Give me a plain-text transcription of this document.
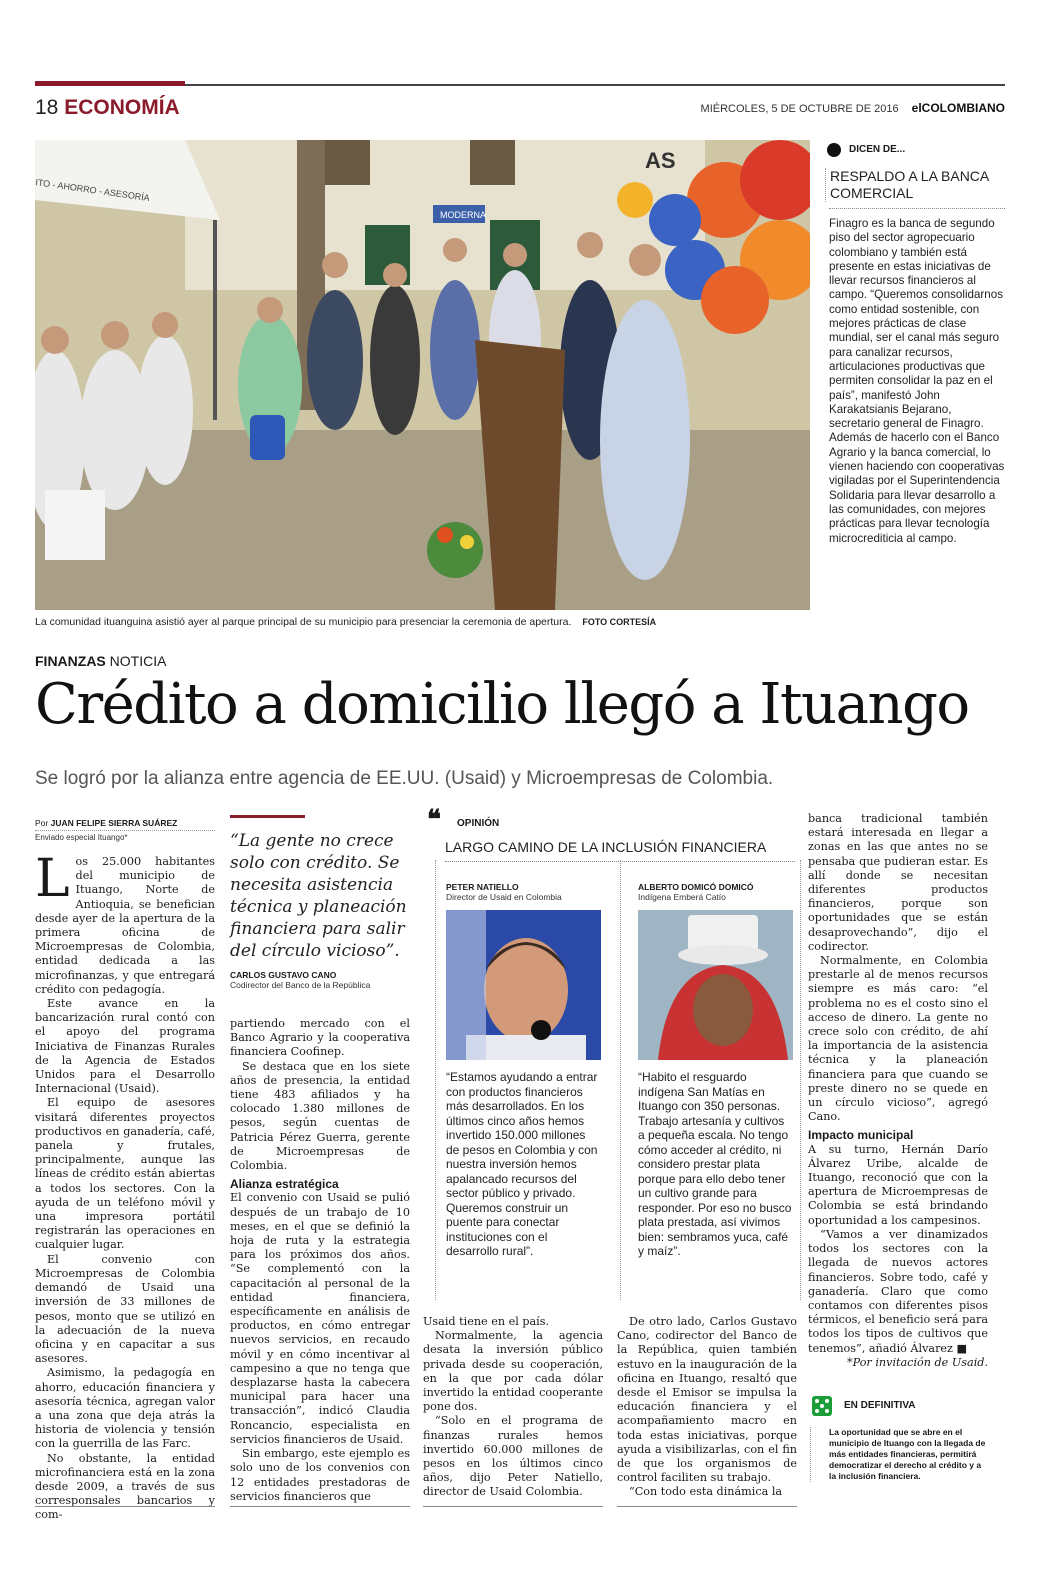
18 ECONOMÍA	MIÉRCOLES, 5 DE OCTUBRE DE 2016 elCOLOMBIANO
MODERNA
AS
ITO - AHORRO - ASESORÍA
La comunidad ituanguina asistió ayer al parque principal de su municipio para presenciar la ceremonia de apertura. FOTO CORTESÍA
DICEN DE...
RESPALDO A LA BANCA COMERCIAL
Finagro es la banca de segundo piso del sector agropecuario colombiano y también está presente en estas iniciativas de llevar recursos financieros al campo. “Queremos consolidarnos como entidad sostenible, con mejores prácticas de clase mundial, ser el canal más seguro para canalizar recursos, articulaciones productivas que permiten consolidar la paz en el país”, manifestó John Karakatsianis Bejarano, secretario general de Finagro. Además de hacerlo con el Banco Agrario y la banca comercial, lo vienen haciendo con cooperativas vigiladas por el Superintendencia Solidaria para llevar desarrollo a las comunidades, con mejores prácticas para llevar tecnología microcrediticia al campo.
FINANZAS NOTICIA
Crédito a domicilio llegó a Ituango
Se logró por la alianza entre agencia de EE.UU. (Usaid) y Microempresas de Colombia.
Por JUAN FELIPE SIERRA SUÁREZ
Enviado especial Ituango*

Los 25.000 habitantes del municipio de Ituango, Norte de Antioquia, se benefician desde ayer de la apertura de la primera oficina de Microempresas de Colombia, entidad dedicada a las microfinanzas, y que entregará crédito con pedagogía.

Este avance en la bancarización rural contó con el apoyo del programa Iniciativa de Finanzas Rurales de la Agencia de Estados Unidos para el Desarrollo Internacional (Usaid).

El equipo de asesores visitará diferentes proyectos productivos en ganadería, café, panela y frutales, principalmente, aunque las líneas de crédito están abiertas a todos los sectores. Con la ayuda de un teléfono móvil y una impresora portátil registrarán las operaciones en cualquier lugar.

El convenio con Microempresas de Colombia demandó de Usaid una inversión de 33 millones de pesos, monto que se utilizó en la adecuación de la nueva oficina y en capacitar a sus asesores.

Asimismo, la pedagogía en ahorro, educación financiera y asesoría técnica, agregan valor a una zona que deja atrás la historia de violencia y tensión con la guerrilla de las Farc.

No obstante, la entidad microfinanciera está en la zona desde 2009, a través de sus corresponsales bancarios y com-

“La gente no crece solo con crédito. Se necesita asistencia técnica y planeación financiera para salir del círculo vicioso”.
CARLOS GUSTAVO CANO
Codirector del Banco de la República

partiendo mercado con el Banco Agrario y la cooperativa financiera Coofinep.

Se destaca que en los siete años de presencia, la entidad tiene 483 afiliados y ha colocado 1.380 millones de pesos, según cuentas de Patricia Pérez Guerra, gerente de Microempresas de Colombia.

Alianza estratégica

El convenio con Usaid se pulió después de un trabajo de 10 meses, en el que se definió la hoja de ruta y la estrategia para los próximos dos años. “Se complementó con la capacitación al personal de la entidad financiera, específicamente en análisis de productos, en cómo entregar nuevos servicios, en recaudo móvil y en cómo incentivar al campesino a que no tenga que desplazarse hasta la cabecera municipal para hacer una transacción”, indicó Claudia Roncancio, especialista en servicios financieros de Usaid.

Sin embargo, este ejemplo es solo uno de los convenios con 12 entidades prestadoras de servicios financieros que

❝ OPINIÓN
LARGO CAMINO DE LA INCLUSIÓN FINANCIERA
PETER NATIELLO
Director de Usaid en Colombia
“Estamos ayudando a entrar con productos financieros más desarrollados. En los últimos cinco años hemos invertido 150.000 millones de pesos en Colombia y con nuestra inversión hemos apalancado recursos del sector público y privado. Queremos construir un puente para conectar instituciones con el desarrollo rural”.
ALBERTO DOMICÓ DOMICÓ
Indígena Emberá Catío
“Habito el resguardo indígena San Matías en Ituango con 350 personas. Trabajo artesanía y cultivos a pequeña escala. No tengo cómo acceder al crédito, ni considero prestar plata porque para ello debo tener un cultivo grande para responder. Por eso no busco plata prestada, así vivimos bien: sembramos yuca, café y maíz”.

Usaid tiene en el país.

Normalmente, la agencia desata la inversión público privada desde su cooperación, en la que por cada dólar invertido la entidad cooperante pone dos.

“Solo en el programa de finanzas rurales hemos invertido 60.000 millones de pesos en los últimos cinco años, dijo Peter Natiello, director de Usaid Colombia.

De otro lado, Carlos Gustavo Cano, codirector del Banco de la República, quien también estuvo en la inauguración de la oficina en Ituango, resaltó que desde el Emisor se impulsa la educación financiera y el acompañamiento macro en toda estas iniciativas, porque ayuda a visibilizarlas, con el fin de que los organismos de control faciliten su trabajo.

“Con todo esta dinámica la

banca tradicional también estará interesada en llegar a zonas en las que antes no se pensaba que pudieran estar. Es allí donde se necesitan diferentes productos financieros, porque son oportunidades que se están desaprovechando”, dijo el codirector.

Normalmente, en Colombia prestarle al de menos recursos siempre es más caro: “el problema no es el costo sino el acceso de dinero. La gente no crece solo con crédito, de ahí la importancia de la asistencia técnica y la planeación financiera para que cuando se preste dinero no se quede en un círculo vicioso”, agregó Cano.

Impacto municipal

A su turno, Hernán Darío Álvarez Uribe, alcalde de Ituango, reconoció que con la apertura de Microempresas de Colombia se está brindando oportunidad a los campesinos.

“Vamos a ver dinamizados todos los sectores con la llegada de nuevos actores financieros. Sobre todo, café y ganadería. Claro que como contamos con diferentes pisos térmicos, el beneficio será para todos los tipos de cultivos que tenemos”, añadió Álvarez ■

*Por invitación de Usaid.

EN DEFINITIVA
La oportunidad que se abre en el municipio de Ituango con la llegada de más entidades financieras, permitirá democratizar el derecho al crédito y a la inclusión financiera.
